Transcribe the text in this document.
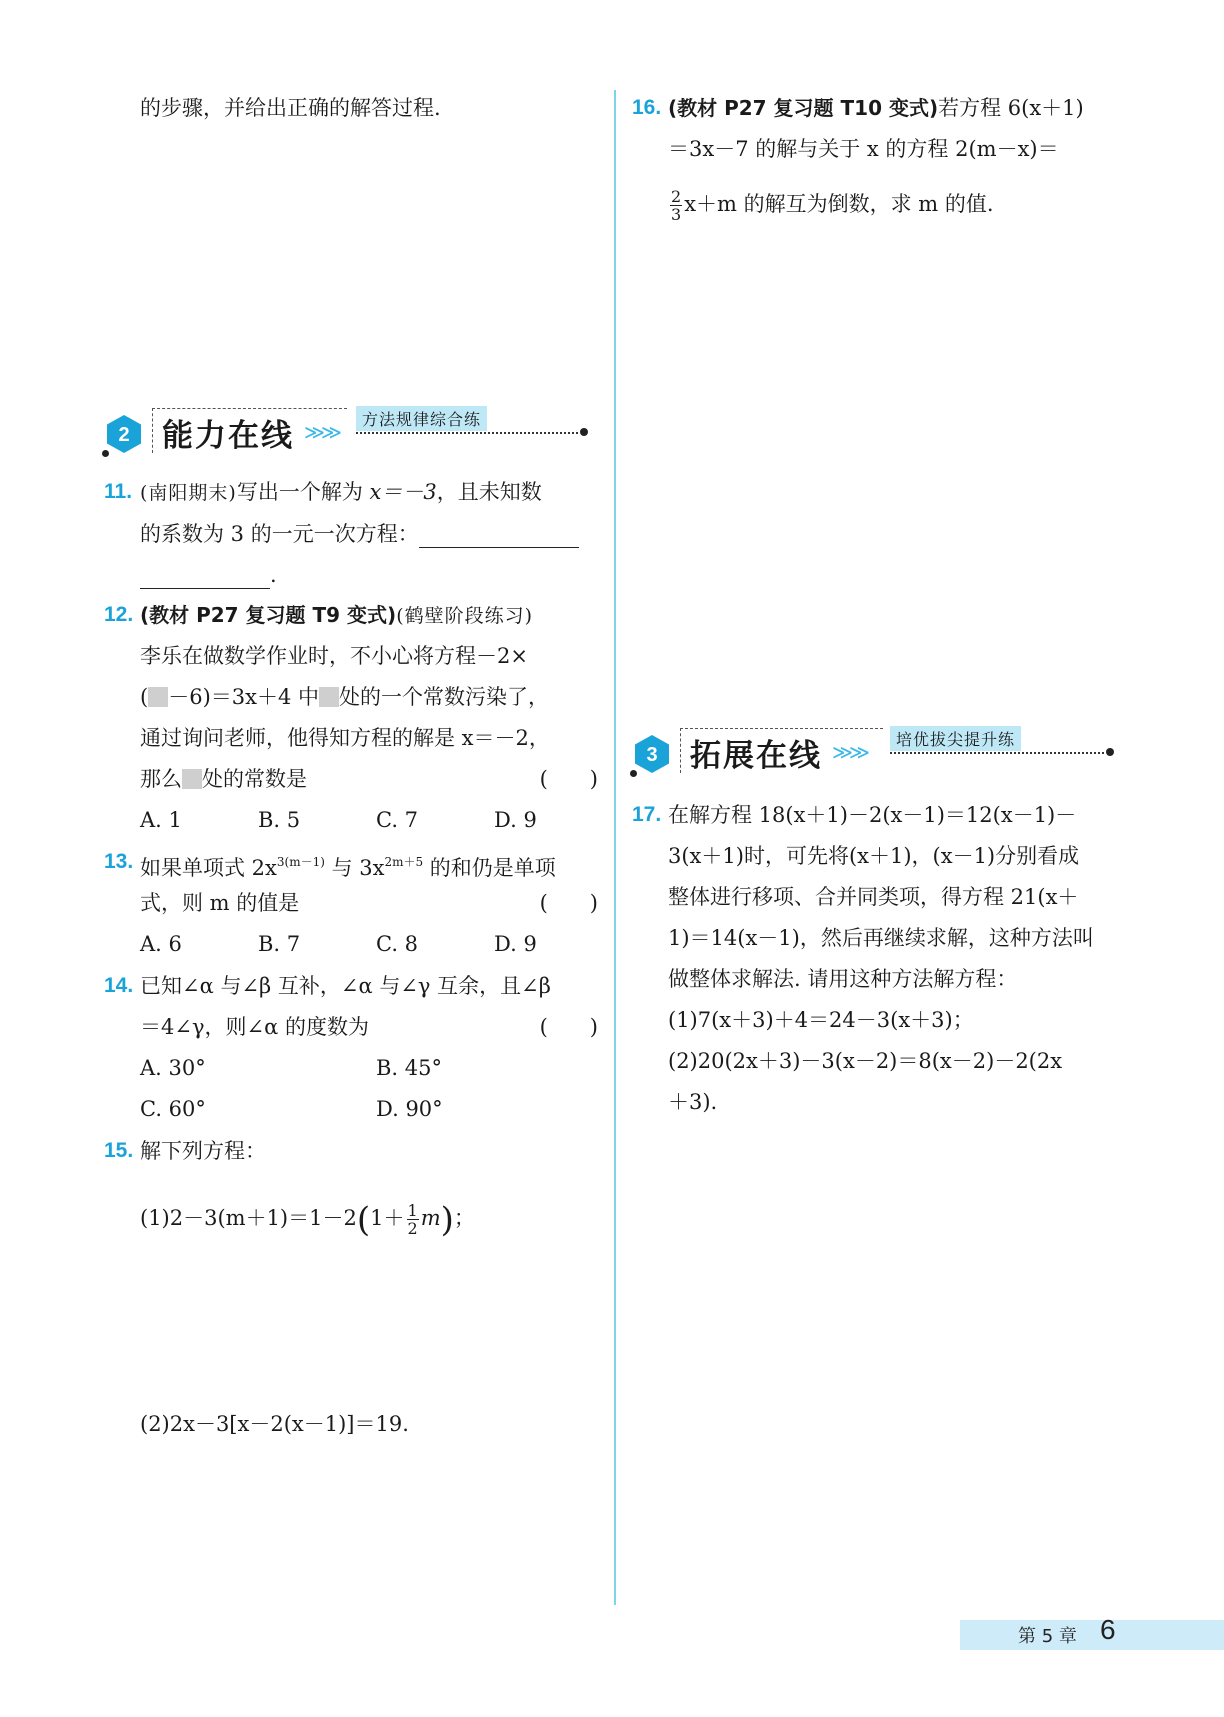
的步骤，并给出正确的解答过程.
2 能力在线 ≫≫
方法规律综合练
11. (南阳期末)写出一个解为 x＝－3，且未知数
的系数为 3 的一元一次方程：
.
12. (教材 P27 复习题 T9 变式)(鹤壁阶段练习)
李乐在做数学作业时，不小心将方程－2×
( －6)＝3x＋4 中 处的一个常数污染了，
通过询问老师，他得知方程的解是 x＝－2，
那么 处的常数是	(　　)
A. 1	B. 5	C. 7	D. 9
13. 如果单项式 $2x^{3(m-1)}$ 与 $3x^{2m+5}$ 的和仍是单项
式，则 m 的值是	(　　)
A. 6	B. 7	C. 8	D. 9
14. 已知∠α 与∠β 互补，∠α 与∠γ 互余，且∠β
＝4∠γ，则∠α 的度数为	(　　)
A. 30°	B. 45°
C. 60°	D. 90°
15. 解下列方程：
$(1)2-3(m+1)=1-2(1+ \frac{1}{2} m)$；
(2)2x－3[x－2(x－1)]＝19.
16. (教材 P27 复习题 T10 变式)若方程 6(x＋1)
＝3x－7 的解与关于 x 的方程 2(m－x)＝
$\frac{2}{3} x+m$ 的解互为倒数，求 m 的值.
3 拓展在线 ≫≫
培优拔尖提升练
17. 在解方程 18(x＋1)－2(x－1)＝12(x－1)－
3(x＋1)时，可先将(x＋1)，(x－1)分别看成
整体进行移项、合并同类项，得方程 21(x＋
1)＝14(x－1)，然后再继续求解，这种方法叫
做整体求解法. 请用这种方法解方程：
(1)7(x＋3)＋4＝24－3(x＋3)；
(2)20(2x＋3)－3(x－2)＝8(x－2)－2(2x
＋3).
第 5 章 6
